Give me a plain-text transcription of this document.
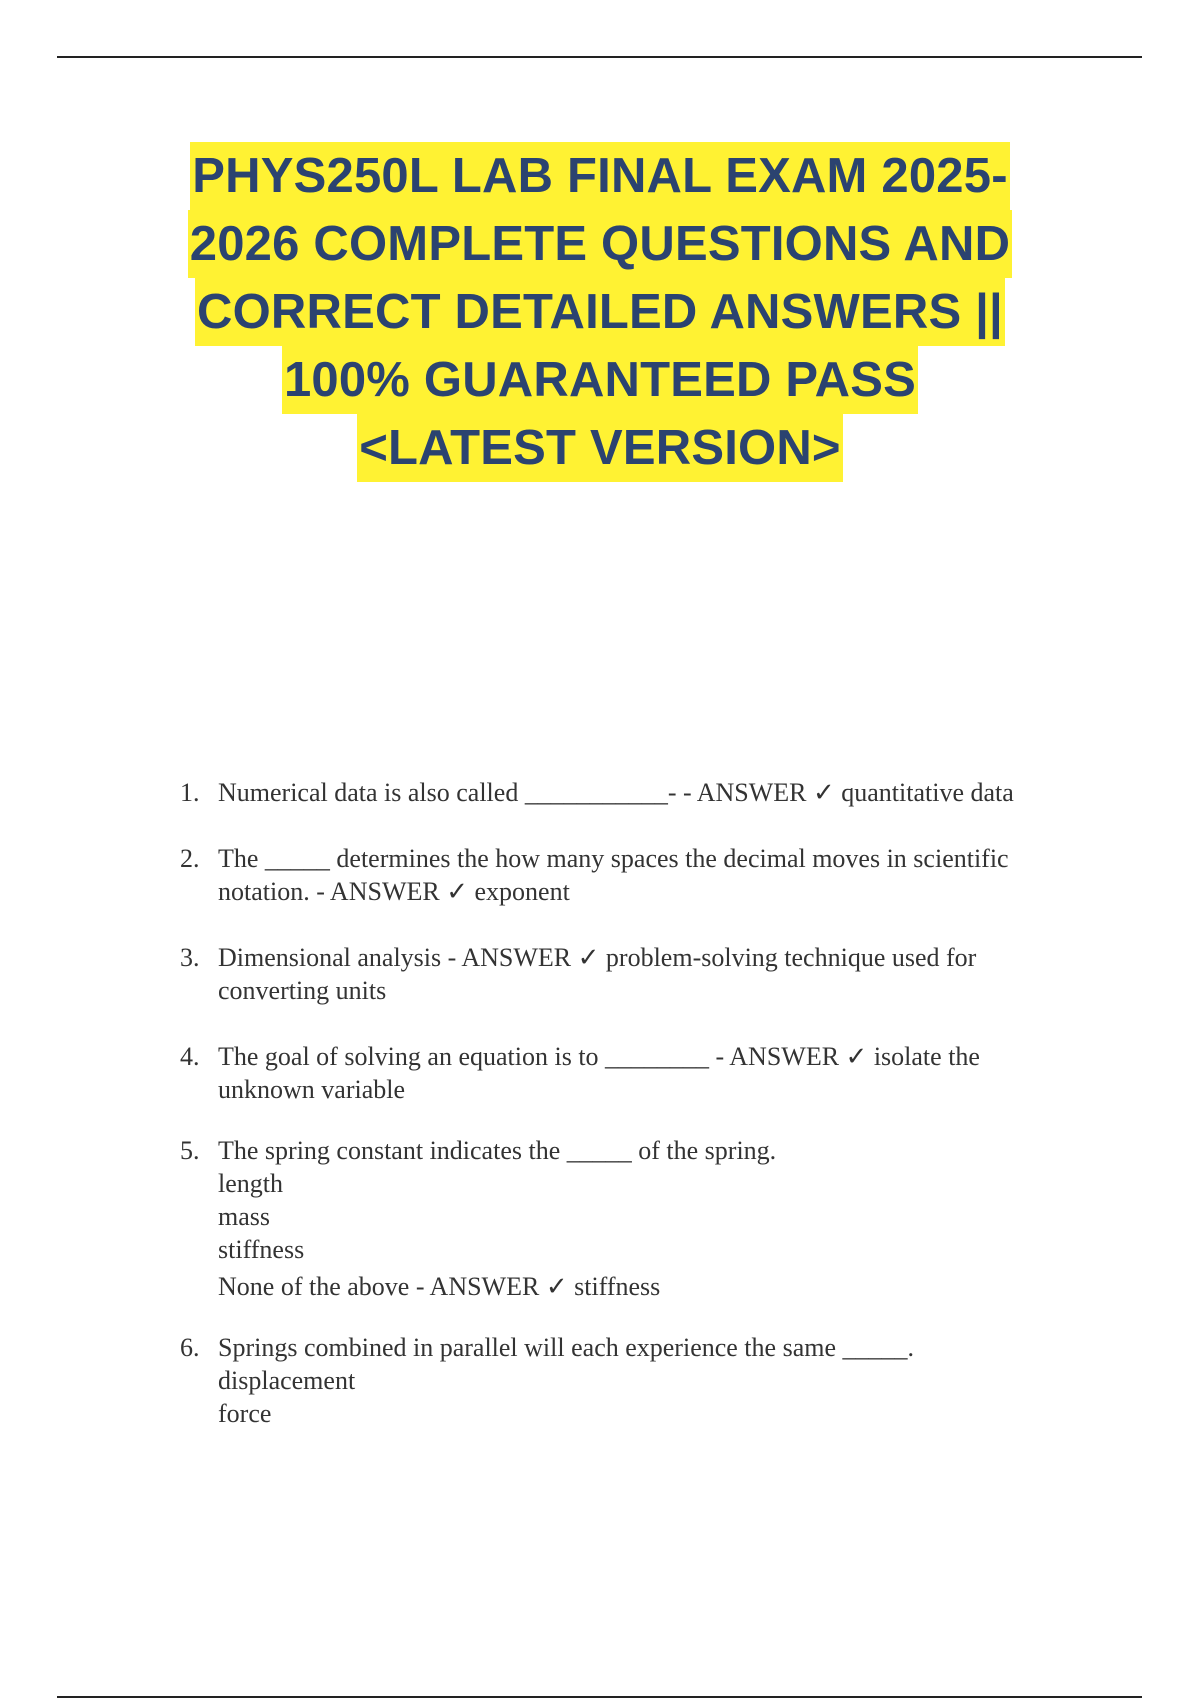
PHYS250L LAB FINAL EXAM 2025-
2026 COMPLETE QUESTIONS AND
CORRECT DETAILED ANSWERS ||
100% GUARANTEED PASS
<LATEST VERSION>
1. Numerical data is also called ___________- - ANSWER ✓ quantitative data
2. The _____ determines the how many spaces the decimal moves in scientific
notation. - ANSWER ✓ exponent
3. Dimensional analysis - ANSWER ✓ problem-solving technique used for
converting units
4. The goal of solving an equation is to ________ - ANSWER ✓ isolate the
unknown variable
5. The spring constant indicates the _____ of the spring.
length
mass
stiffness
None of the above - ANSWER ✓ stiffness
6. Springs combined in parallel will each experience the same _____.
displacement
force
